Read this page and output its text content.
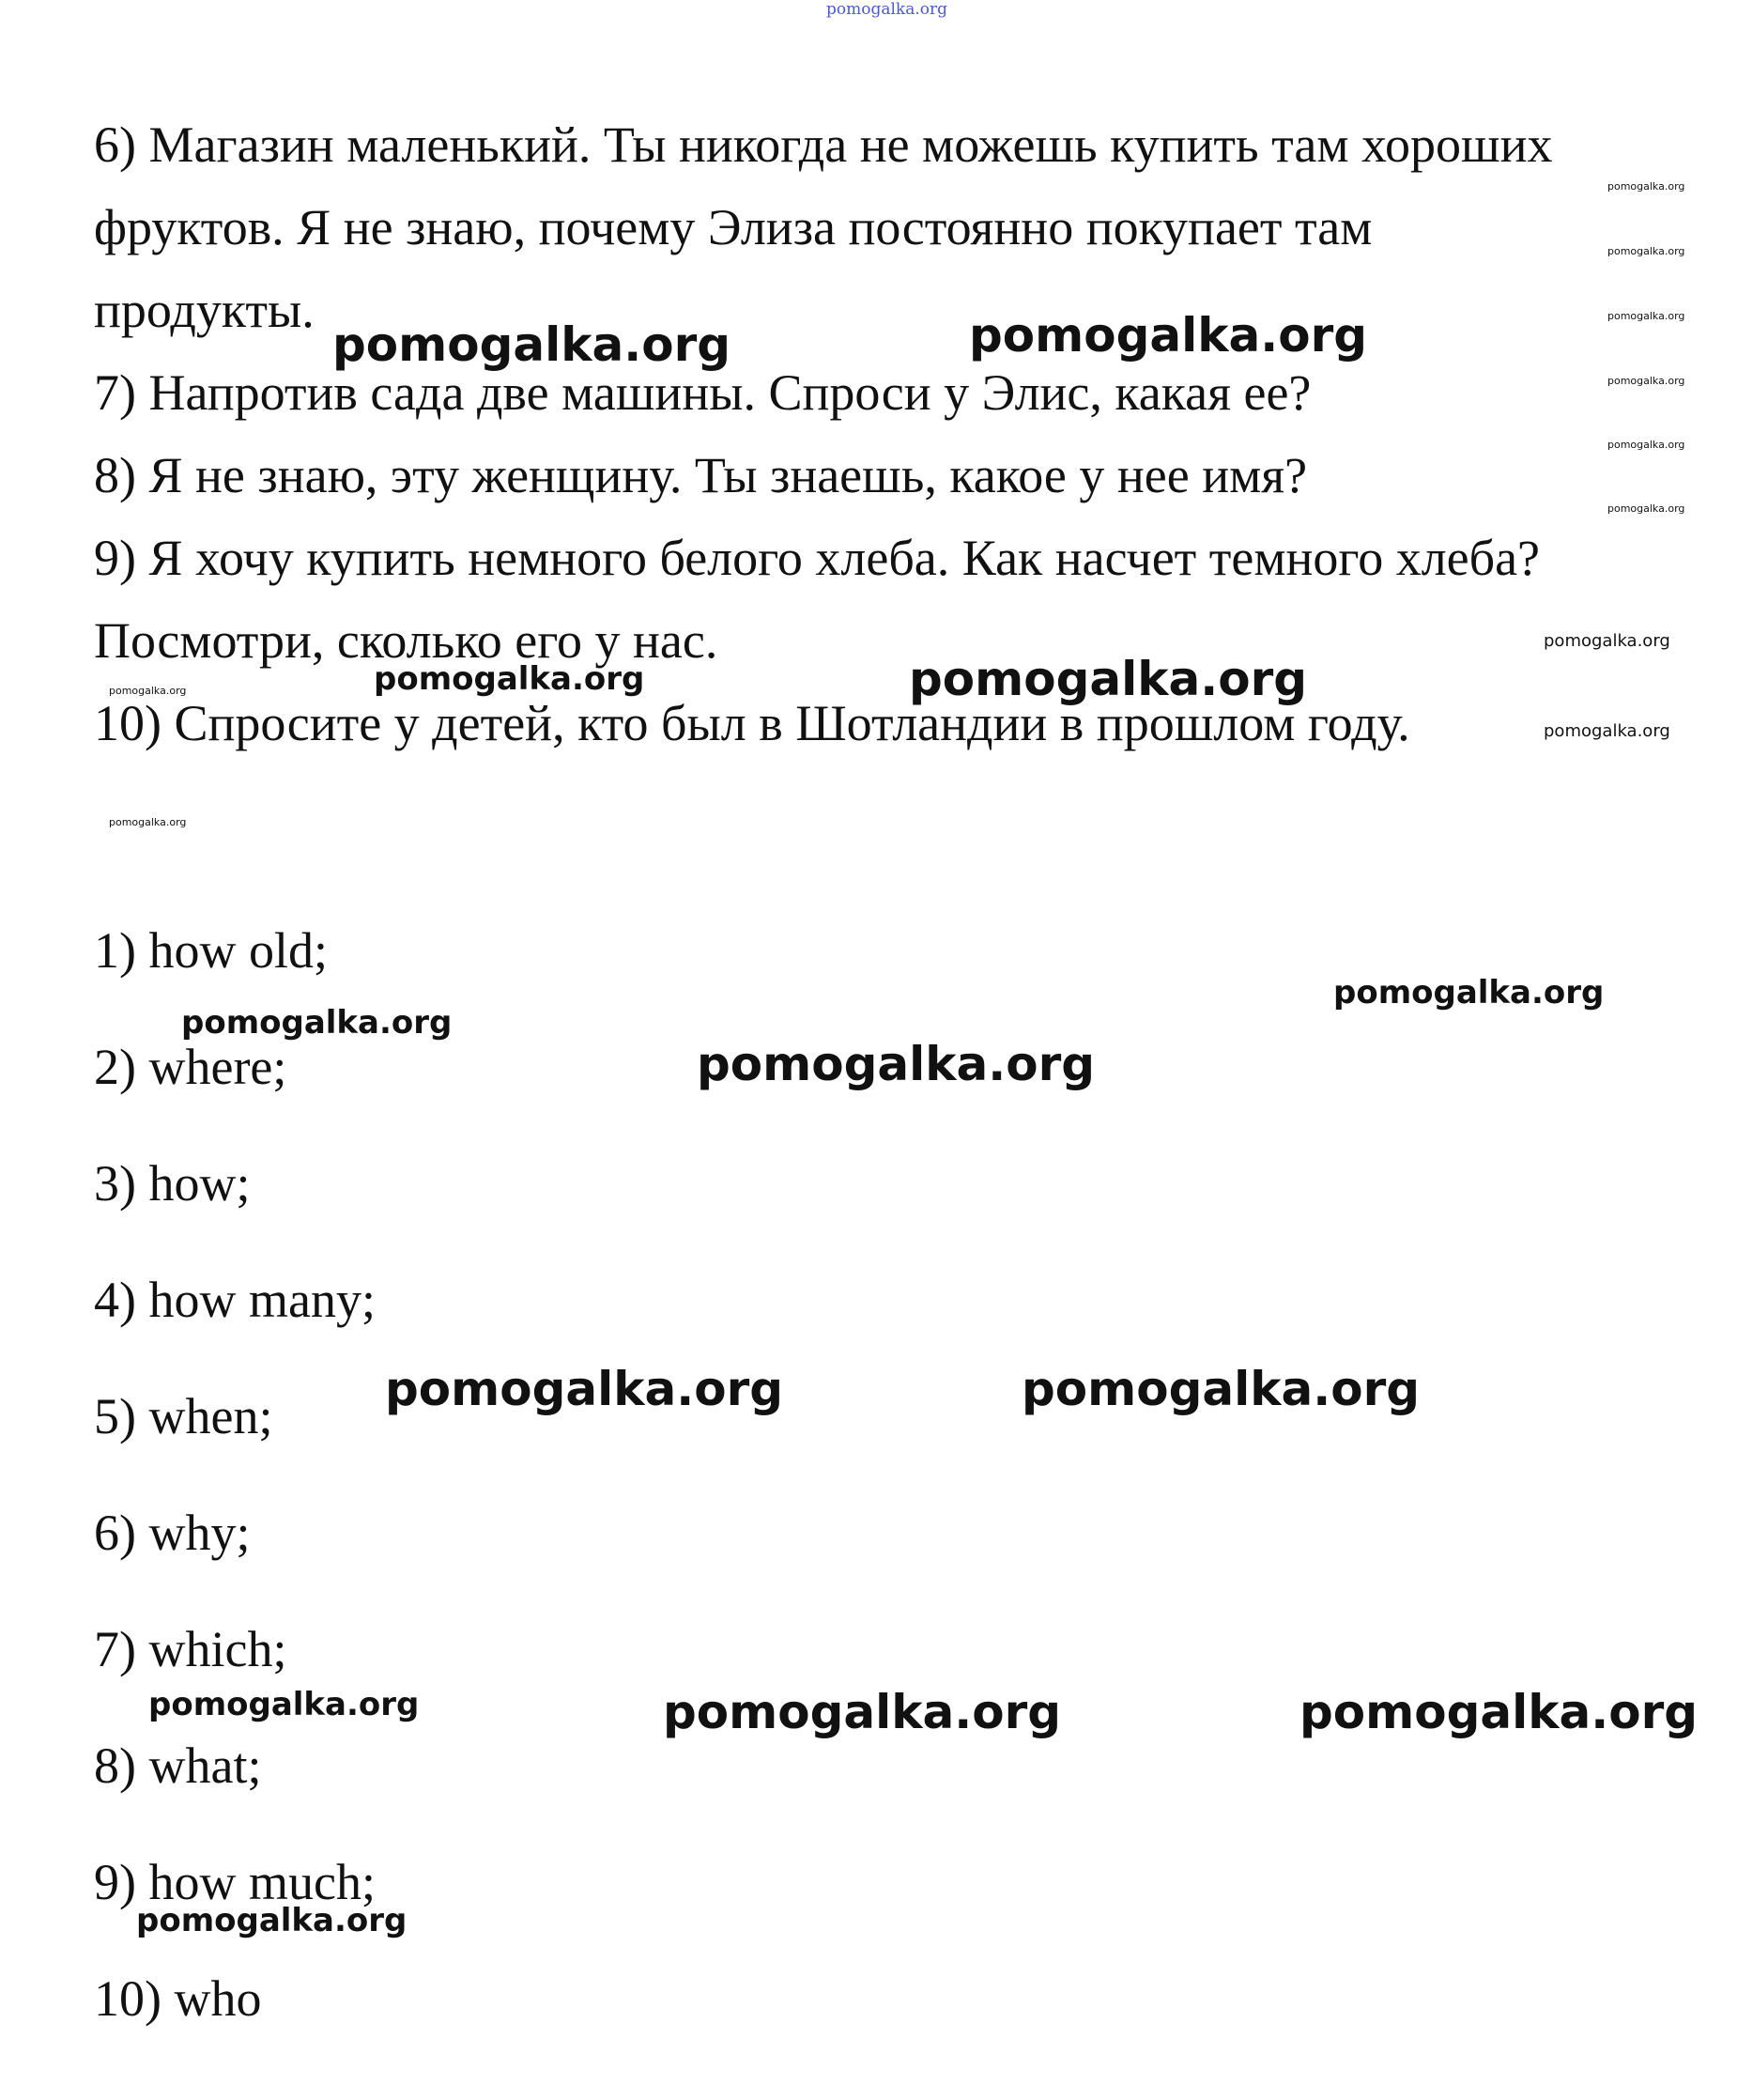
pomogalka.org
6) Магазин маленький. Ты никогда не можешь купить там хороших
фруктов. Я не знаю, почему Элиза постоянно покупает там
продукты.
7) Напротив сада две машины. Спроси у Элис, какая ее?
8) Я не знаю, эту женщину. Ты знаешь, какое у нее имя?
9) Я хочу купить немного белого хлеба. Как насчет темного хлеба?
Посмотри, сколько его у нас.
10) Спросите у детей, кто был в Шотландии в прошлом году.
1) how old;
2) where;
3) how;
4) how many;
5) when;
6) why;
7) which;
8) what;
9) how much;
10) who
pomogalka.org
pomogalka.org
pomogalka.org
pomogalka.org
pomogalka.org
pomogalka.org
pomogalka.org	pomogalka.org
pomogalka.org	pomogalka.org
pomogalka.org
pomogalka.org
pomogalka.org
pomogalka.org
pomogalka.org
pomogalka.org
pomogalka.org
pomogalka.org	pomogalka.org
pomogalka.org	pomogalka.org	pomogalka.org
pomogalka.org
